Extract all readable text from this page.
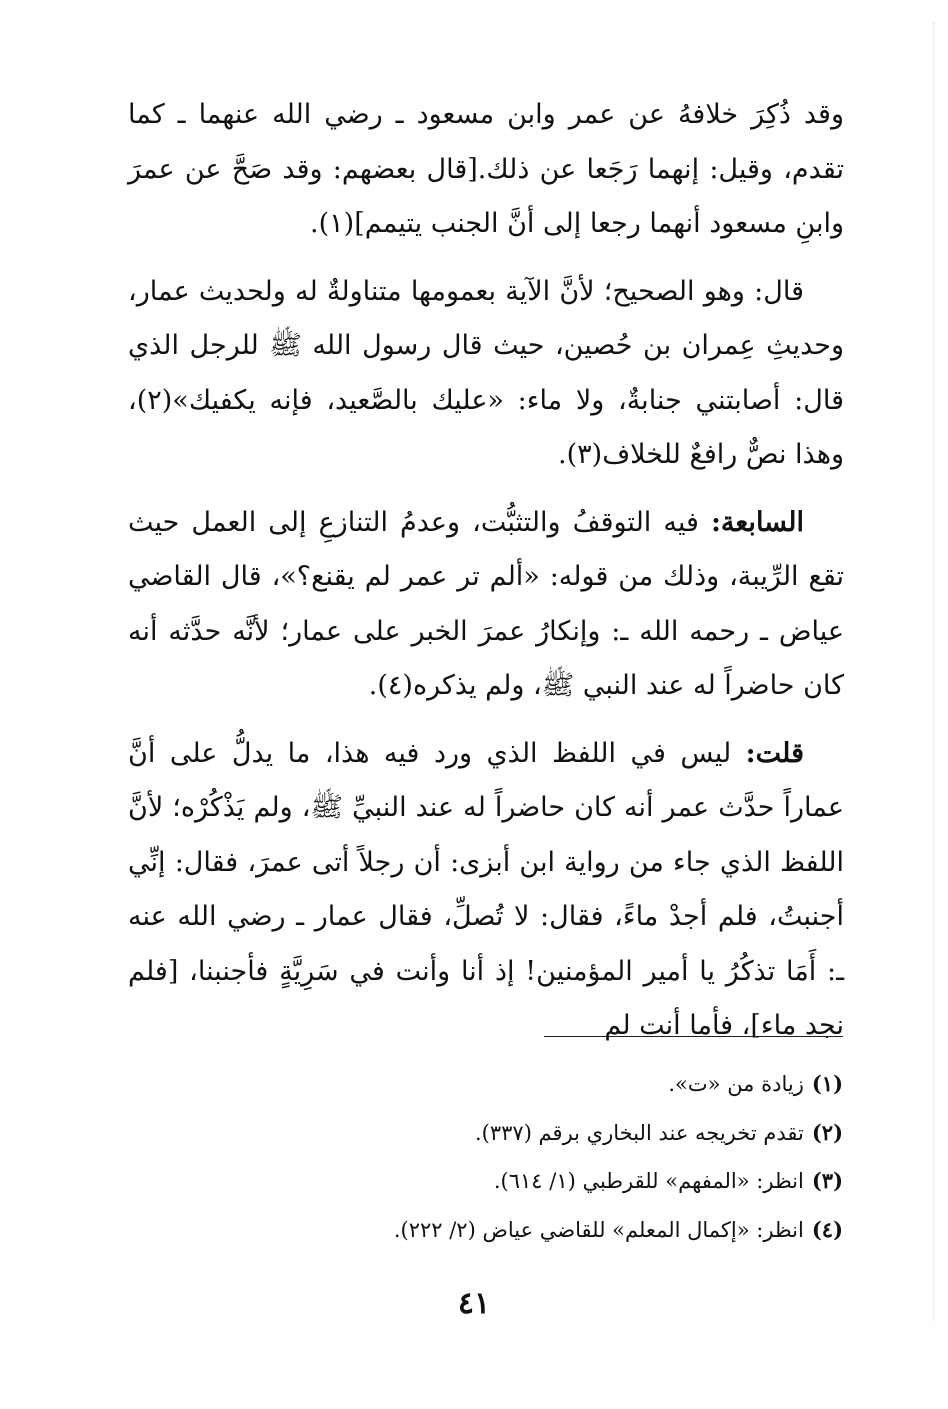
وقد ذُكِرَ خلافهُ عن عمر وابن مسعود ـ رضي الله عنهما ـ كما تقدم، وقيل: إنهما رَجَعا عن ذلك.[قال بعضهم: وقد صَحَّ عن عمرَ وابنِ مسعود أنهما رجعا إلى أنَّ الجنب يتيمم](١).

قال: وهو الصحيح؛ لأنَّ الآية بعمومها متناولةٌ له ولحديث عمار، وحديثِ عِمران بن حُصين، حيث قال رسول الله ﷺ للرجل الذي قال: أصابتني جنابةٌ، ولا ماء: «عليك بالصَّعيد، فإنه يكفيك»(٢)، وهذا نصٌّ رافعٌ للخلاف(٣).

السابعة: فيه التوقفُ والتثبُّت، وعدمُ التنازعِ إلى العمل حيث تقع الرِّيبة، وذلك من قوله: «ألم تر عمر لم يقنع؟»، قال القاضي عياض ـ رحمه الله ـ: وإنكارُ عمرَ الخبر على عمار؛ لأنَّه حدَّثه أنه كان حاضراً له عند النبي ﷺ، ولم يذكره(٤).

قلت: ليس في اللفظ الذي ورد فيه هذا، ما يدلُّ على أنَّ عماراً حدَّث عمر أنه كان حاضراً له عند النبيِّ ﷺ، ولم يَذْكُرْه؛ لأنَّ اللفظ الذي جاء من رواية ابن أبزى: أن رجلاً أتى عمرَ، فقال: إنِّي أجنبتُ، فلم أجدْ ماءً، فقال: لا تُصلِّ، فقال عمار ـ رضي الله عنه ـ: أَمَا تذكُرُ يا أمير المؤمنين! إذ أنا وأنت في سَرِيَّةٍ فأجنبنا، [فلم نجد ماء]، فأما أنت لم

(١)زيادة من «ت».

(٢)تقدم تخريجه عند البخاري برقم (٣٣٧).

(٣)انظر: «المفهم» للقرطبي (١/ ٦١٤).

(٤)انظر: «إكمال المعلم» للقاضي عياض (٢/ ٢٢٢).

٤١
